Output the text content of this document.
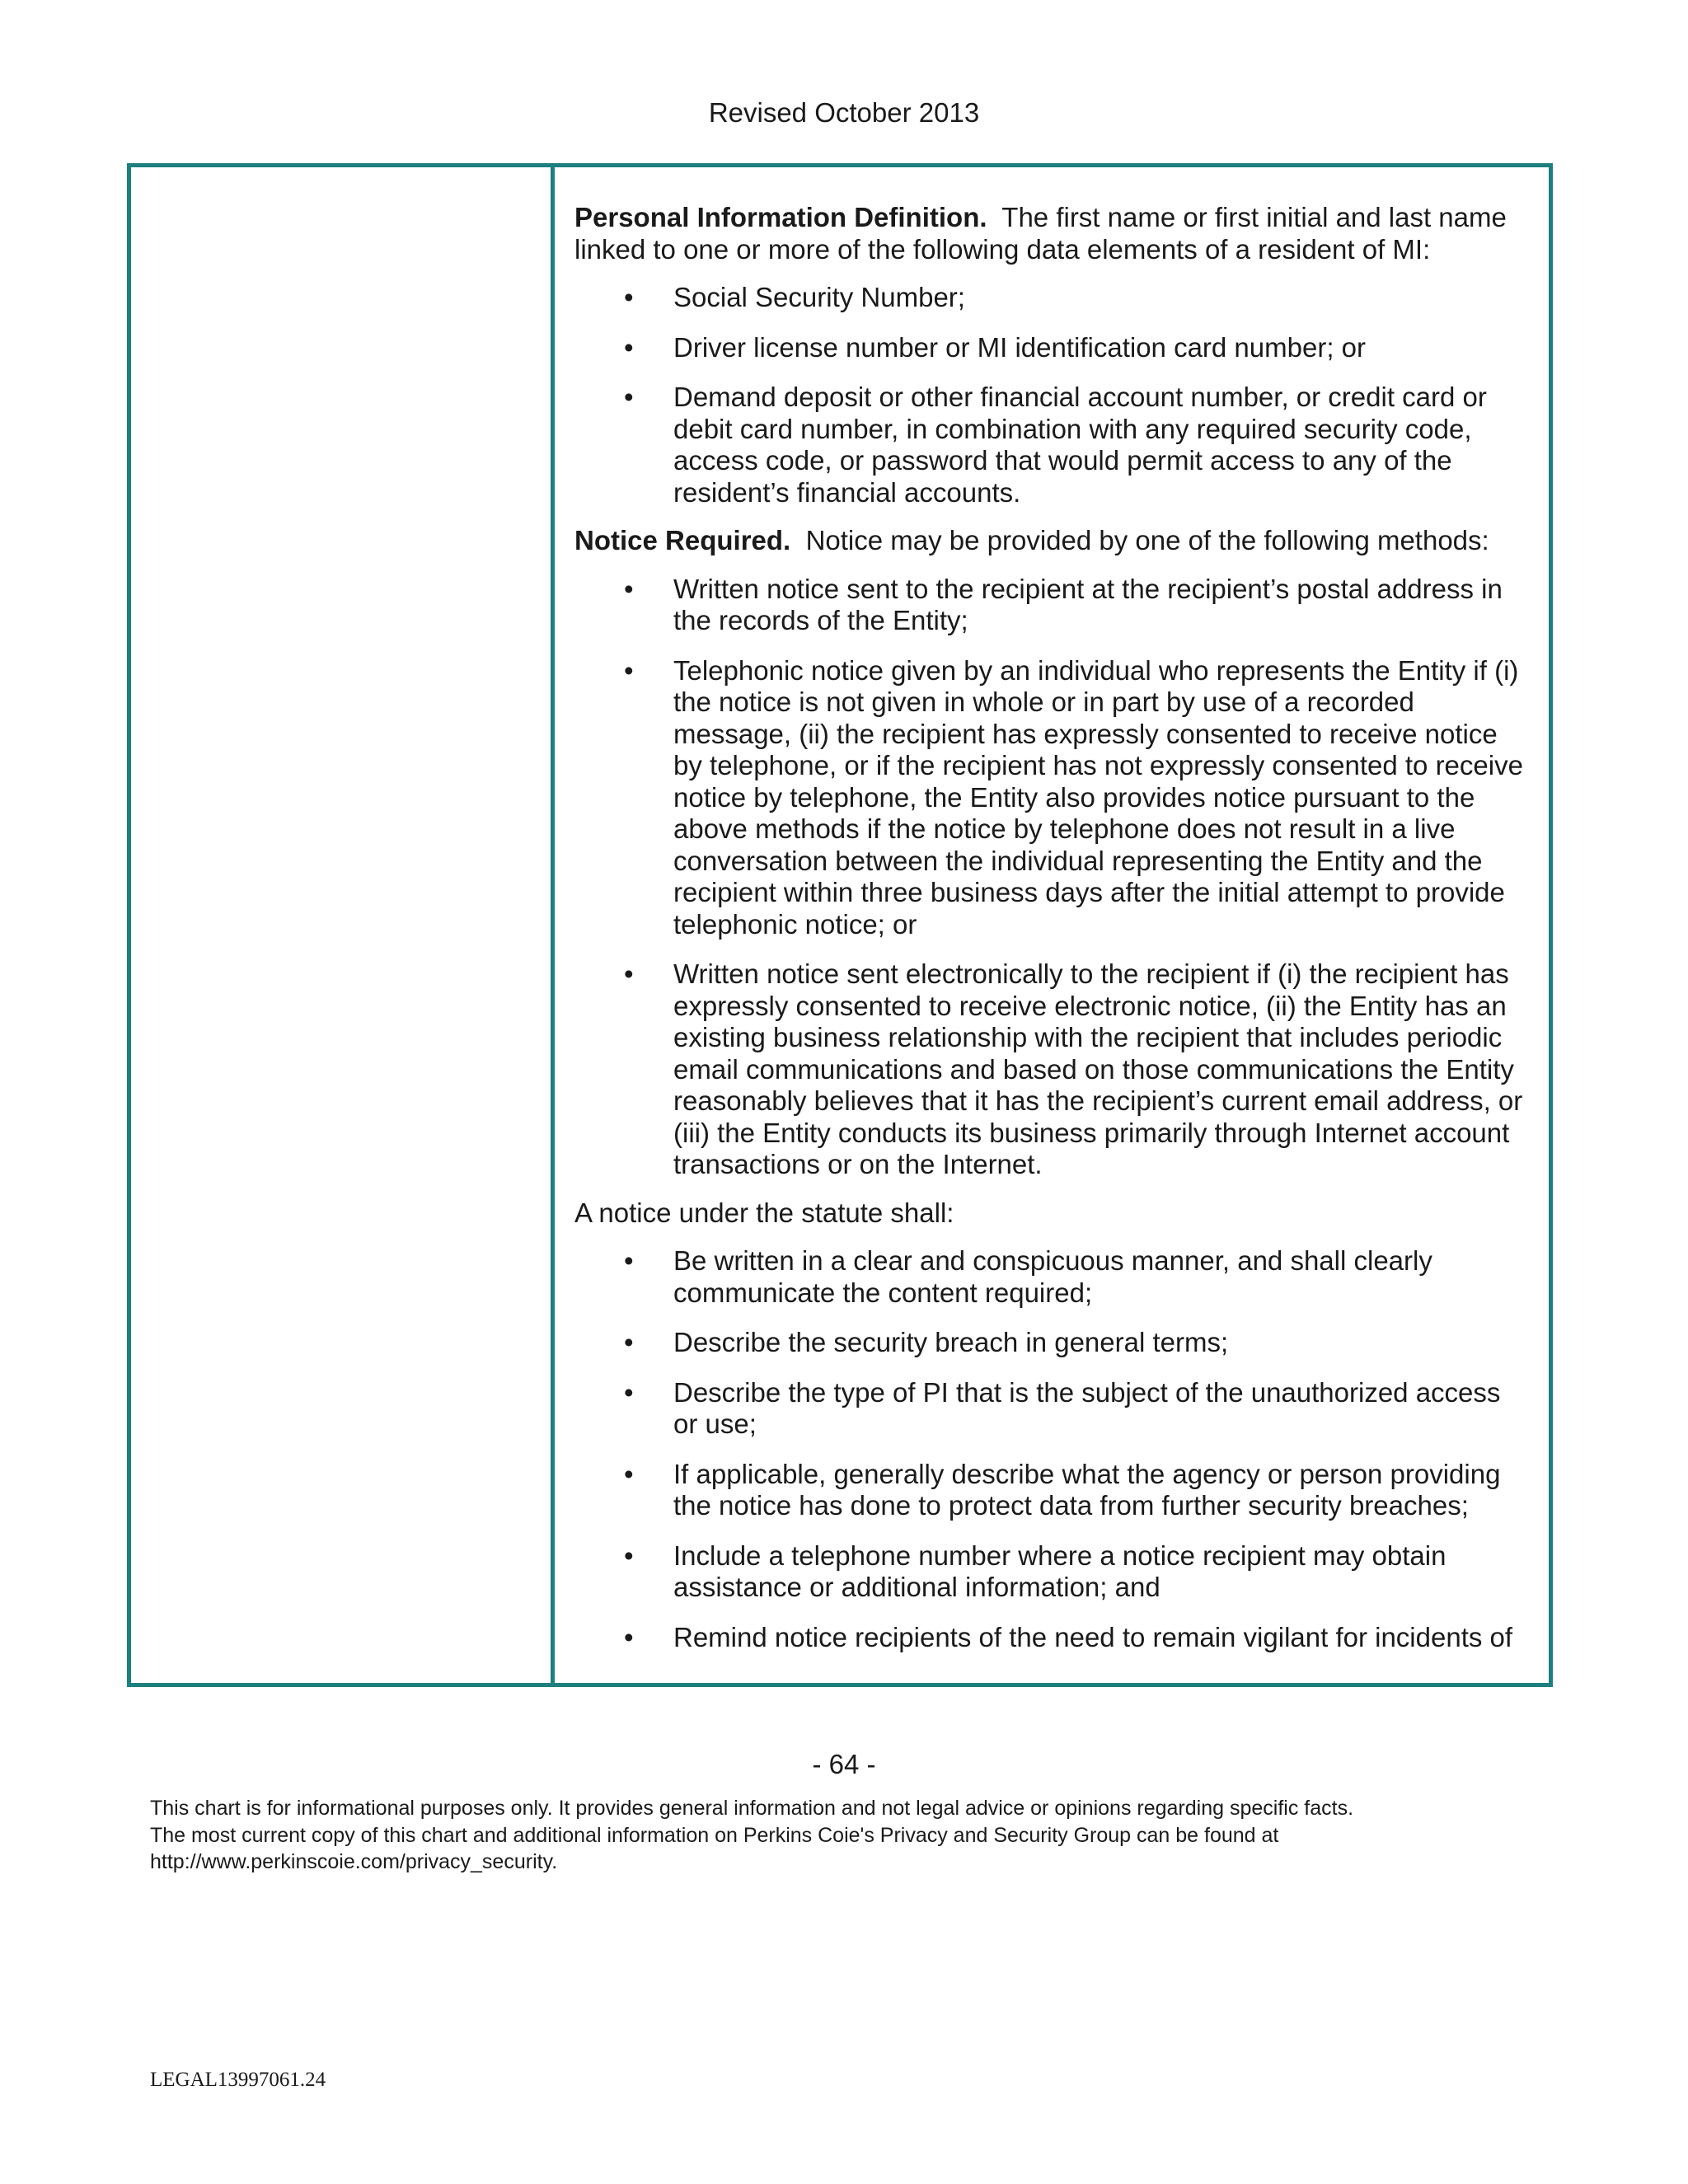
Revised October 2013

Personal Information Definition. The first name or first initial and last name linked to one or more of the following data elements of a resident of MI:

• Social Security Number;
• Driver license number or MI identification card number; or
• Demand deposit or other financial account number, or credit card or debit card number, in combination with any required security code, access code, or password that would permit access to any of the resident’s financial accounts.

Notice Required. Notice may be provided by one of the following methods:

• Written notice sent to the recipient at the recipient’s postal address in the records of the Entity;
• Telephonic notice given by an individual who represents the Entity if (i) the notice is not given in whole or in part by use of a recorded message, (ii) the recipient has expressly consented to receive notice by telephone, or if the recipient has not expressly consented to receive notice by telephone, the Entity also provides notice pursuant to the above methods if the notice by telephone does not result in a live conversation between the individual representing the Entity and the recipient within three business days after the initial attempt to provide telephonic notice; or
• Written notice sent electronically to the recipient if (i) the recipient has expressly consented to receive electronic notice, (ii) the Entity has an existing business relationship with the recipient that includes periodic email communications and based on those communications the Entity reasonably believes that it has the recipient’s current email address, or (iii) the Entity conducts its business primarily through Internet account transactions or on the Internet.

A notice under the statute shall:

• Be written in a clear and conspicuous manner, and shall clearly communicate the content required;
• Describe the security breach in general terms;
• Describe the type of PI that is the subject of the unauthorized access or use;
• If applicable, generally describe what the agency or person providing the notice has done to protect data from further security breaches;
• Include a telephone number where a notice recipient may obtain assistance or additional information; and
• Remind notice recipients of the need to remain vigilant for incidents of
- 64 -
This chart is for informational purposes only. It provides general information and not legal advice or opinions regarding specific facts.
The most current copy of this chart and additional information on Perkins Coie's Privacy and Security Group can be found at
http://www.perkinscoie.com/privacy_security.
LEGAL13997061.24
